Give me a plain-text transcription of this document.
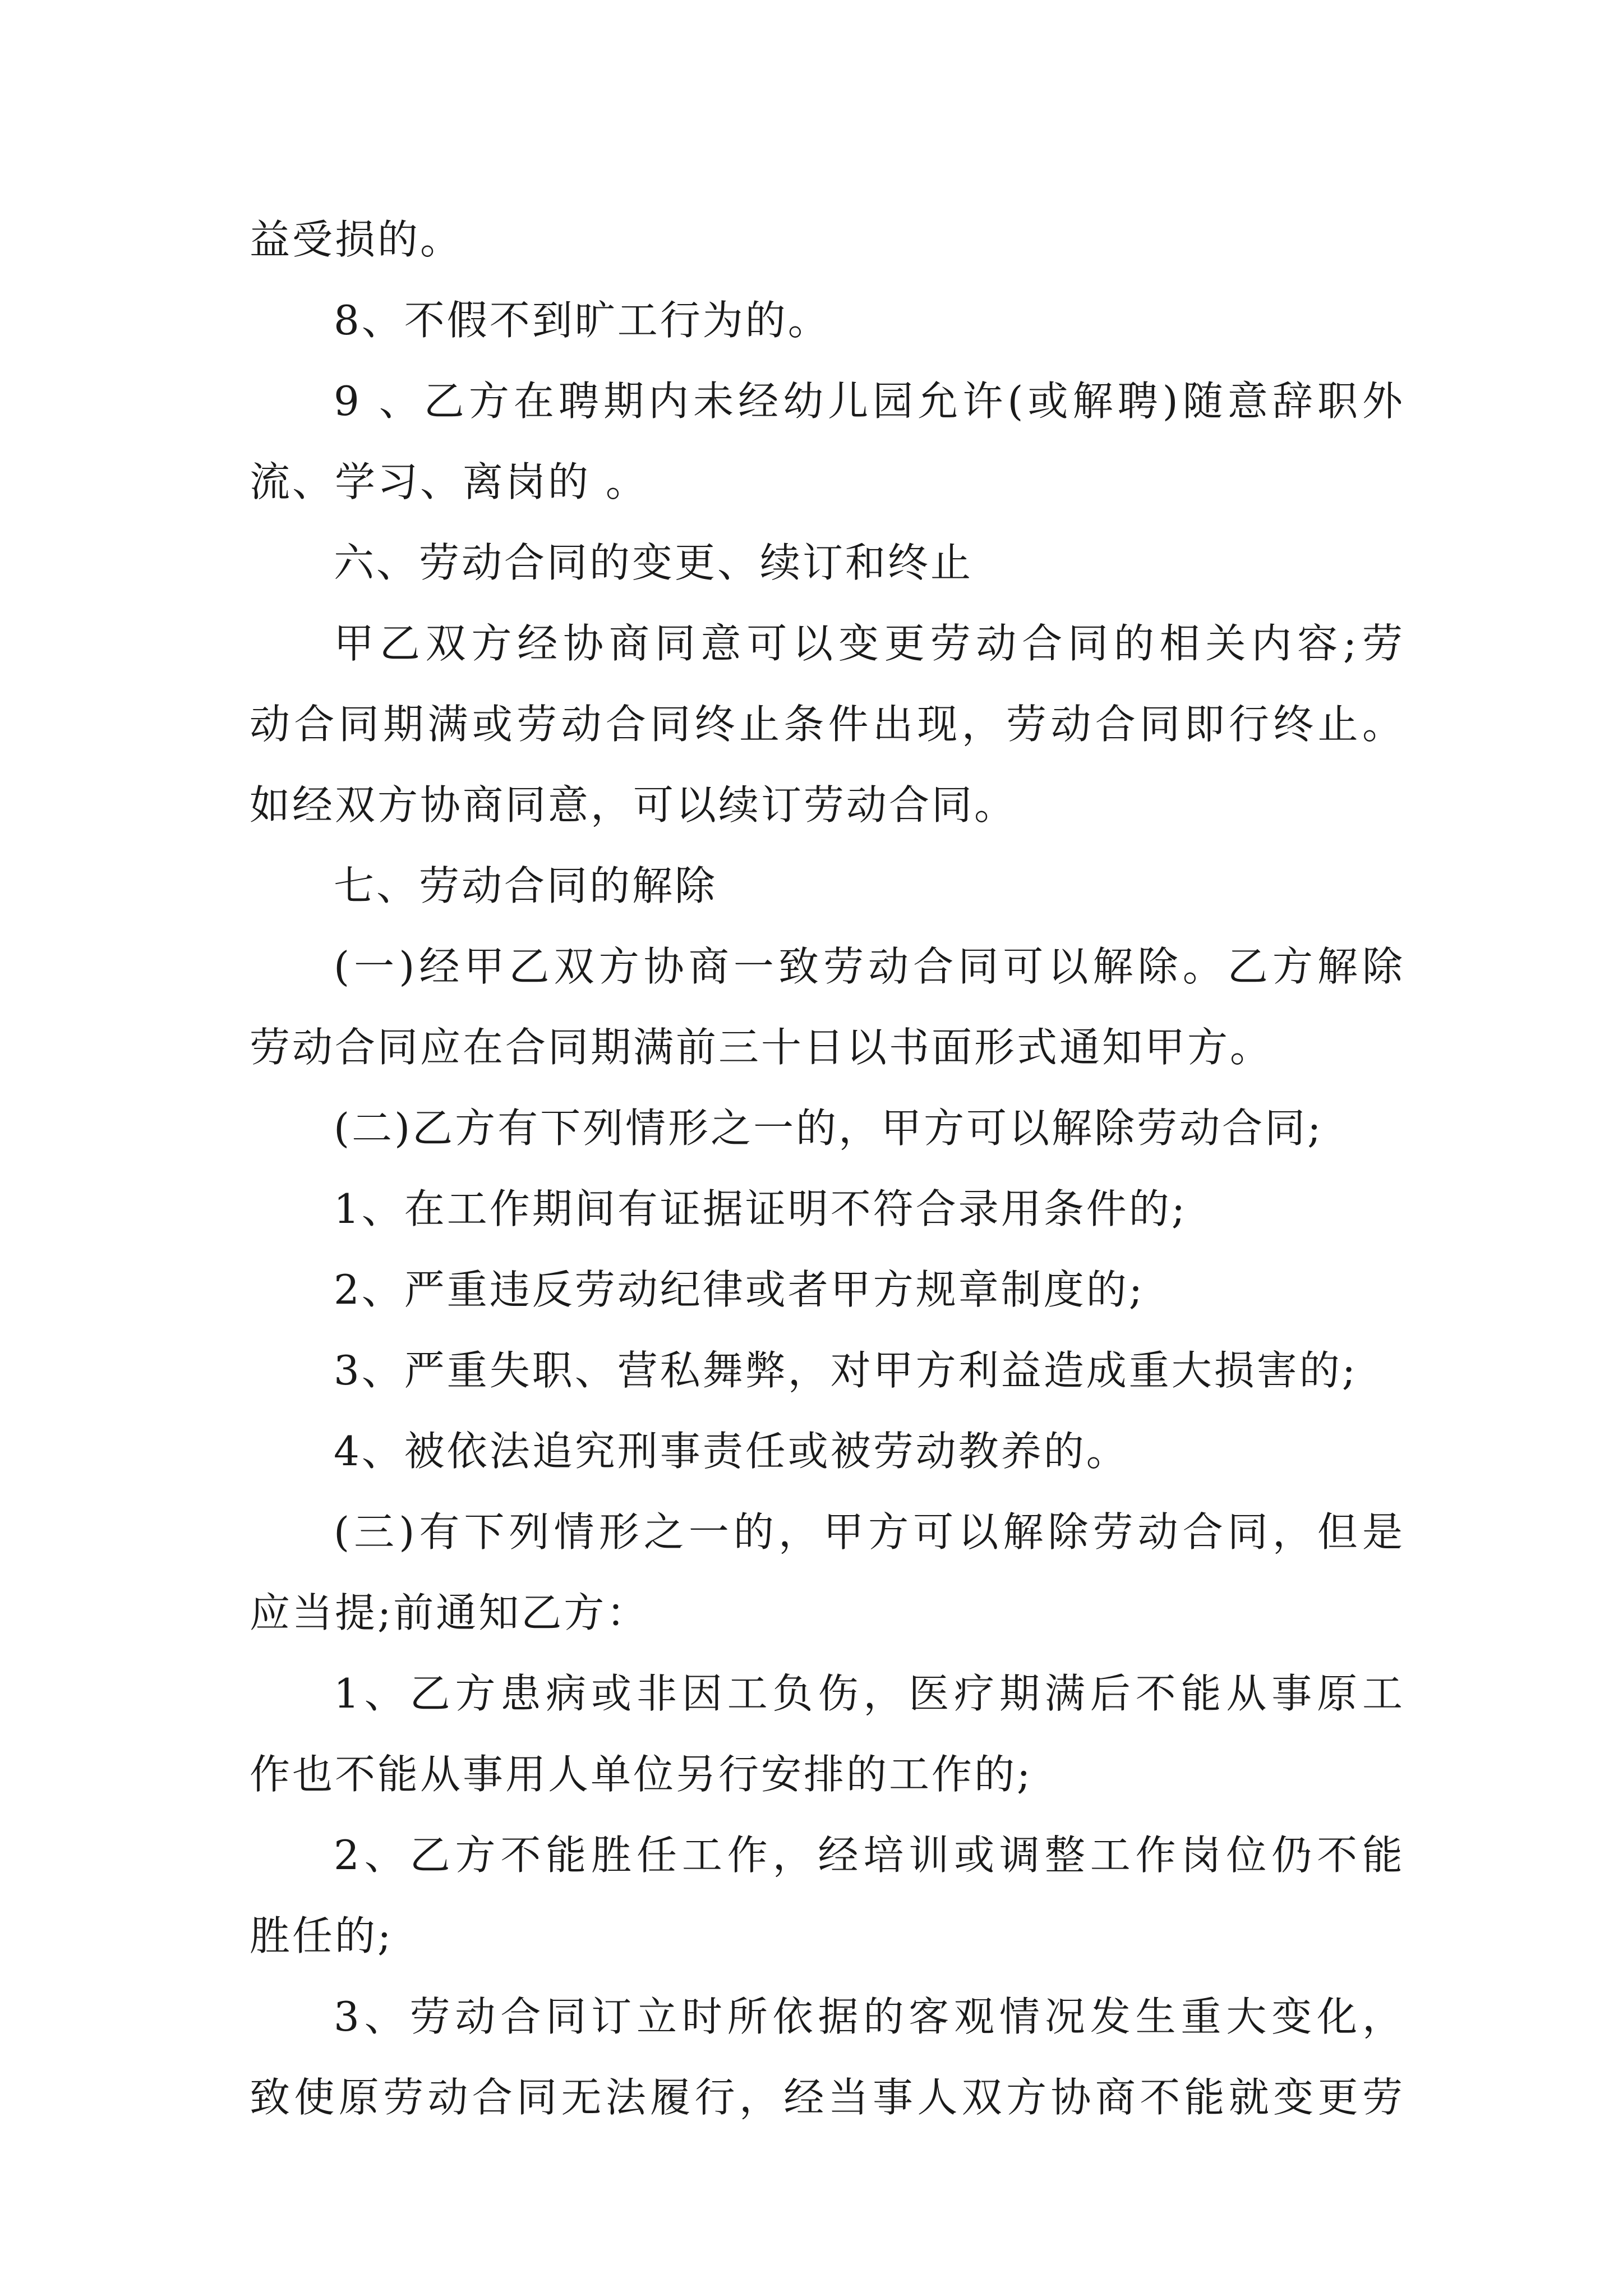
益受损的。
8、不假不到旷工行为的。
9 、乙方在聘期内未经幼儿园允许(或解聘)随意辞职外
流、学习、离岗的 。
六、劳动合同的变更、续订和终止
甲乙双方经协商同意可以变更劳动合同的相关内容;劳
动合同期满或劳动合同终止条件出现，劳动合同即行终止。
如经双方协商同意，可以续订劳动合同。
七、劳动合同的解除
(一)经甲乙双方协商一致劳动合同可以解除。乙方解除
劳动合同应在合同期满前三十日以书面形式通知甲方。
(二)乙方有下列情形之一的，甲方可以解除劳动合同;
1、在工作期间有证据证明不符合录用条件的;
2、严重违反劳动纪律或者甲方规章制度的;
3、严重失职、营私舞弊，对甲方利益造成重大损害的;
4、被依法追究刑事责任或被劳动教养的。
(三)有下列情形之一的，甲方可以解除劳动合同，但是
应当提;前通知乙方：
1、乙方患病或非因工负伤，医疗期满后不能从事原工
作也不能从事用人单位另行安排的工作的;
2、乙方不能胜任工作，经培训或调整工作岗位仍不能
胜任的;
3、劳动合同订立时所依据的客观情况发生重大变化，
致使原劳动合同无法履行，经当事人双方协商不能就变更劳
